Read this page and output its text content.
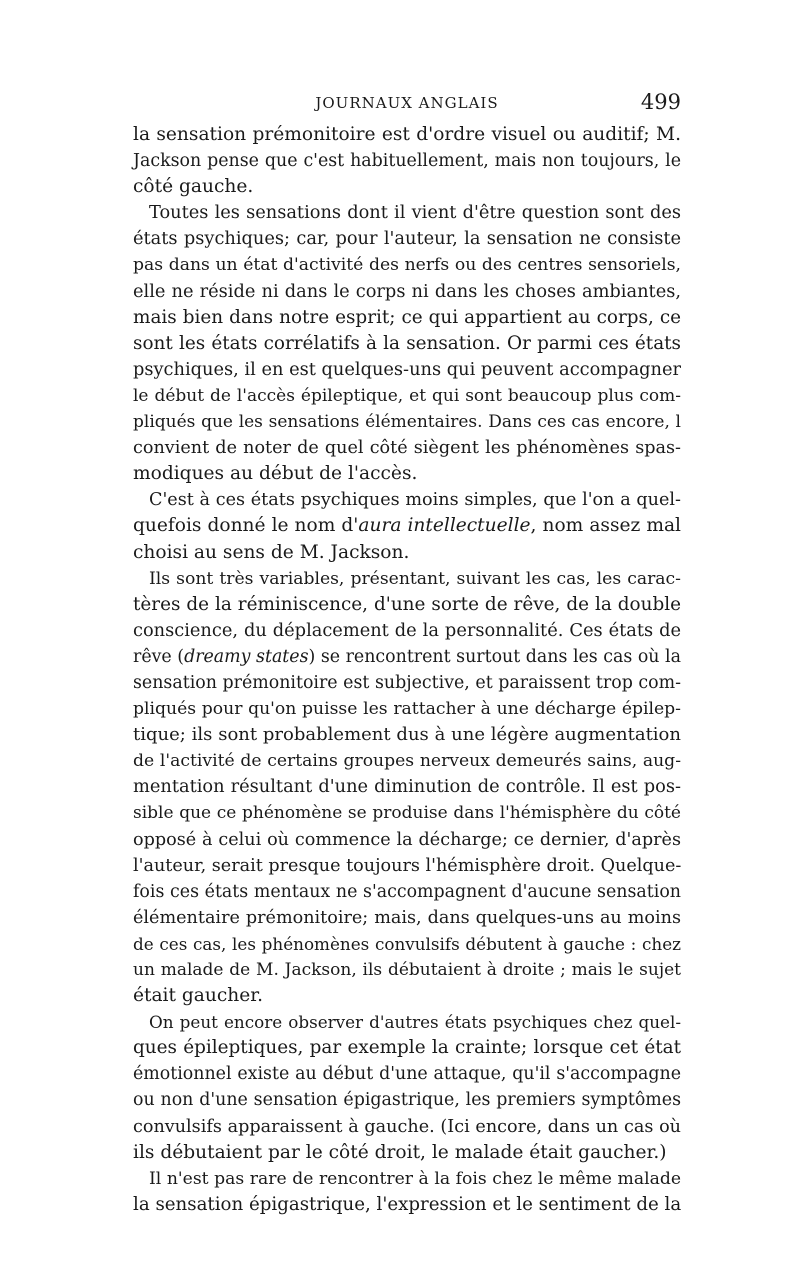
JOURNAUX ANGLAIS	499
la sensation prémonitoire est d'ordre visuel ou auditif; M.
Jackson pense que c'est habituellement, mais non toujours, le
côté gauche.
Toutes les sensations dont il vient d'être question sont des
états psychiques; car, pour l'auteur, la sensation ne consiste
pas dans un état d'activité des nerfs ou des centres sensoriels,
elle ne réside ni dans le corps ni dans les choses ambiantes,
mais bien dans notre esprit; ce qui appartient au corps, ce
sont les états corrélatifs à la sensation. Or parmi ces états
psychiques, il en est quelques-uns qui peuvent accompagner
le début de l'accès épileptique, et qui sont beaucoup plus com-
pliqués que les sensations élémentaires. Dans ces cas encore, l
convient de noter de quel côté siègent les phénomènes spas-
modiques au début de l'accès.
C'est à ces états psychiques moins simples, que l'on a quel-
quefois donné le nom d'aura intellectuelle, nom assez mal
choisi au sens de M. Jackson.
Ils sont très variables, présentant, suivant les cas, les carac-
tères de la réminiscence, d'une sorte de rêve, de la double
conscience, du déplacement de la personnalité. Ces états de
rêve (dreamy states) se rencontrent surtout dans les cas où la
sensation prémonitoire est subjective, et paraissent trop com-
pliqués pour qu'on puisse les rattacher à une décharge épilep-
tique; ils sont probablement dus à une légère augmentation
de l'activité de certains groupes nerveux demeurés sains, aug-
mentation résultant d'une diminution de contrôle. Il est pos-
sible que ce phénomène se produise dans l'hémisphère du côté
opposé à celui où commence la décharge; ce dernier, d'après
l'auteur, serait presque toujours l'hémisphère droit. Quelque-
fois ces états mentaux ne s'accompagnent d'aucune sensation
élémentaire prémonitoire; mais, dans quelques-uns au moins
de ces cas, les phénomènes convulsifs débutent à gauche : chez
un malade de M. Jackson, ils débutaient à droite ; mais le sujet
était gaucher.
On peut encore observer d'autres états psychiques chez quel-
ques épileptiques, par exemple la crainte; lorsque cet état
émotionnel existe au début d'une attaque, qu'il s'accompagne
ou non d'une sensation épigastrique, les premiers symptômes
convulsifs apparaissent à gauche. (Ici encore, dans un cas où
ils débutaient par le côté droit, le malade était gaucher.)
Il n'est pas rare de rencontrer à la fois chez le même malade
la sensation épigastrique, l'expression et le sentiment de la
